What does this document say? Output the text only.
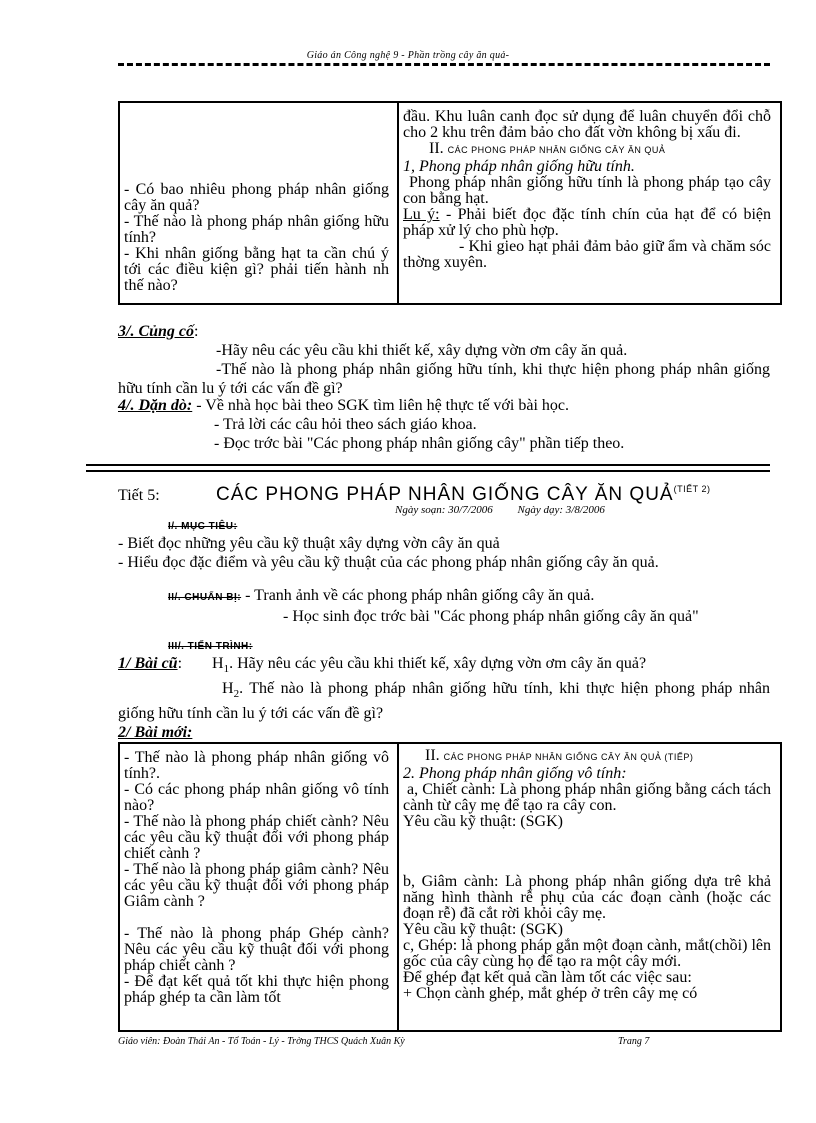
Giáo án Công nghệ 9 - Phần trồng cây ăn quả-

- Có bao nhiêu phong pháp nhân giống cây ăn quả?

- Thế nào là phong pháp nhân giống hữu tính?

- Khi nhân giống bằng hạt ta cần chú ý tới các điều kiện gì? phải tiến hành nh thế nào?

đầu. Khu luân canh đọc sử dụng để luân chuyển đổi chỗ cho 2 khu trên đảm bảo cho đất vờn không bị xấu đi.

II. CÁC PHONG PHÁP NHÂN GIỐNG CÂY ĂN QUẢ

1, Phong pháp nhân giống hữu tính.

Phong pháp nhân giống hữu tính là phong pháp tạo cây con bằng hạt.

Lu ý: - Phải biết đọc đặc tính chín của hạt để có biện pháp xử lý cho phù hợp.

- Khi gieo hạt phải đảm bảo giữ ẩm và chăm sóc thờng xuyên.

3/. Củng cố:

-Hãy nêu các yêu cầu khi thiết kế, xây dựng vờn ơm cây ăn quả.

-Thế nào là phong pháp nhân giống hữu tính, khi thực hiện phong pháp nhân giống hữu tính cần lu ý tới các vấn đề gì?

4/. Dặn dò: - Về nhà học bài theo SGK tìm liên hệ thực tế với bài học.

- Trả lời các câu hỏi theo sách giáo khoa.

- Đọc trớc bài "Các phong pháp nhân giống cây" phần tiếp theo.

Tiết 5:	CÁC PHONG PHÁP NHÂN GIỐNG CÂY ĂN QUẢ$^{(TIẾT 2)}$
Ngày soạn: 30/7/2006         Ngày dạy: 3/8/2006

I/. MỤC TIÊU:

- Biết đọc những yêu cầu kỹ thuật xây dựng vờn cây ăn quả

- Hiểu đọc đặc điểm và yêu cầu kỹ thuật của các phong pháp nhân giống cây ăn quả.

II/. CHUẨN BỊ: - Tranh ảnh về các phong pháp nhân giống cây ăn quả.

- Học sinh đọc trớc bài "Các phong pháp nhân giống cây ăn quả"

III/. TIẾN TRÌNH:

1/ Bài cũ: $H_1$. Hãy nêu các yêu cầu khi thiết kế, xây dựng vờn ơm cây ăn quả?

$H_2$. Thế nào là phong pháp nhân giống hữu tính, khi thực hiện phong pháp nhân giống hữu tính cần lu ý tới các vấn đề gì?

2/ Bài mới:

- Thế nào là phong pháp nhân giống vô tính?.

- Có các phong pháp nhân giống vô tính nào?

- Thế nào là phong pháp chiết cành? Nêu các yêu cầu kỹ thuật đối với phong pháp chiết cành ?

- Thế nào là phong pháp giâm cành? Nêu các yêu cầu kỹ thuật đối với phong pháp Giâm cành ?

- Thế nào là phong pháp Ghép cành? Nêu các yêu cầu kỹ thuật đối với phong pháp chiết cành ?

- Để đạt kết quả tốt khi thực hiện phong pháp ghép ta cần làm tốt

II. CÁC PHONG PHÁP NHÂN GIỐNG CÂY ĂN QUẢ (TIẾP)

2. Phong pháp nhân giống vô tính:

a, Chiết cành: Là phong pháp nhân giống bằng cách tách cành từ cây mẹ để tạo ra cây con.

Yêu cầu kỹ thuật: (SGK)

b, Giâm cành: Là phong pháp nhân giống dựa trê khả năng hình thành rễ phụ của các đoạn cành (hoặc các đoạn rễ) đã cắt rời khỏi cây mẹ.

Yêu cầu kỹ thuật: (SGK)

c, Ghép: là phong pháp gắn một đoạn cành, mắt(chồi) lên gốc của cây cùng họ để tạo ra một cây mới.

Để ghép đạt kết quả cần làm tốt các việc sau:

+ Chọn cành ghép, mắt ghép ở trên cây mẹ có

Giáo viên: Đoàn Thái An - Tổ Toán - Lý - Trờng THCS Quách Xuân Kỳ	Trang 7
